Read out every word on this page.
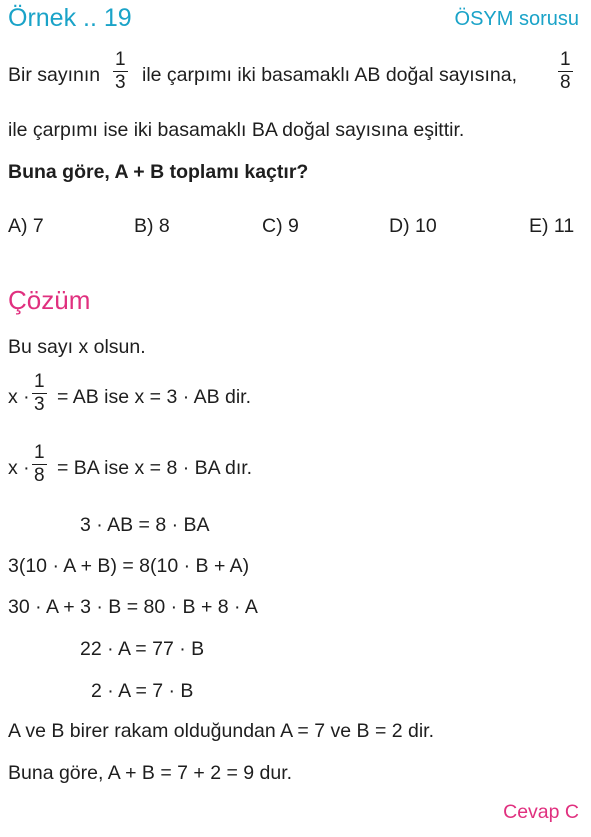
Örnek .. 19	ÖSYM sorusu
Bir sayının
1
3 ile çarpımı iki basamaklı AB doğal sayısına,
1
8
ile çarpımı ise iki basamaklı BA doğal sayısına eşittir.
Buna göre, A + B toplamı kaçtır?
A) 7	B) 8	C) 9	D) 10	E) 11
Çözüm
Bu sayı x olsun.
x ·
1
3 = AB ise x = 3 · AB dir.
x ·
1
8 = BA ise x = 8 · BA dır.
3 · AB = 8 · BA
3(10 · A + B) = 8(10 · B + A)
30 · A + 3 · B = 80 · B + 8 · A
22 · A = 77 · B
2 · A = 7 · B
A ve B birer rakam olduğundan A = 7 ve B = 2 dir.
Buna göre, A + B = 7 + 2 = 9 dur.
Cevap C
